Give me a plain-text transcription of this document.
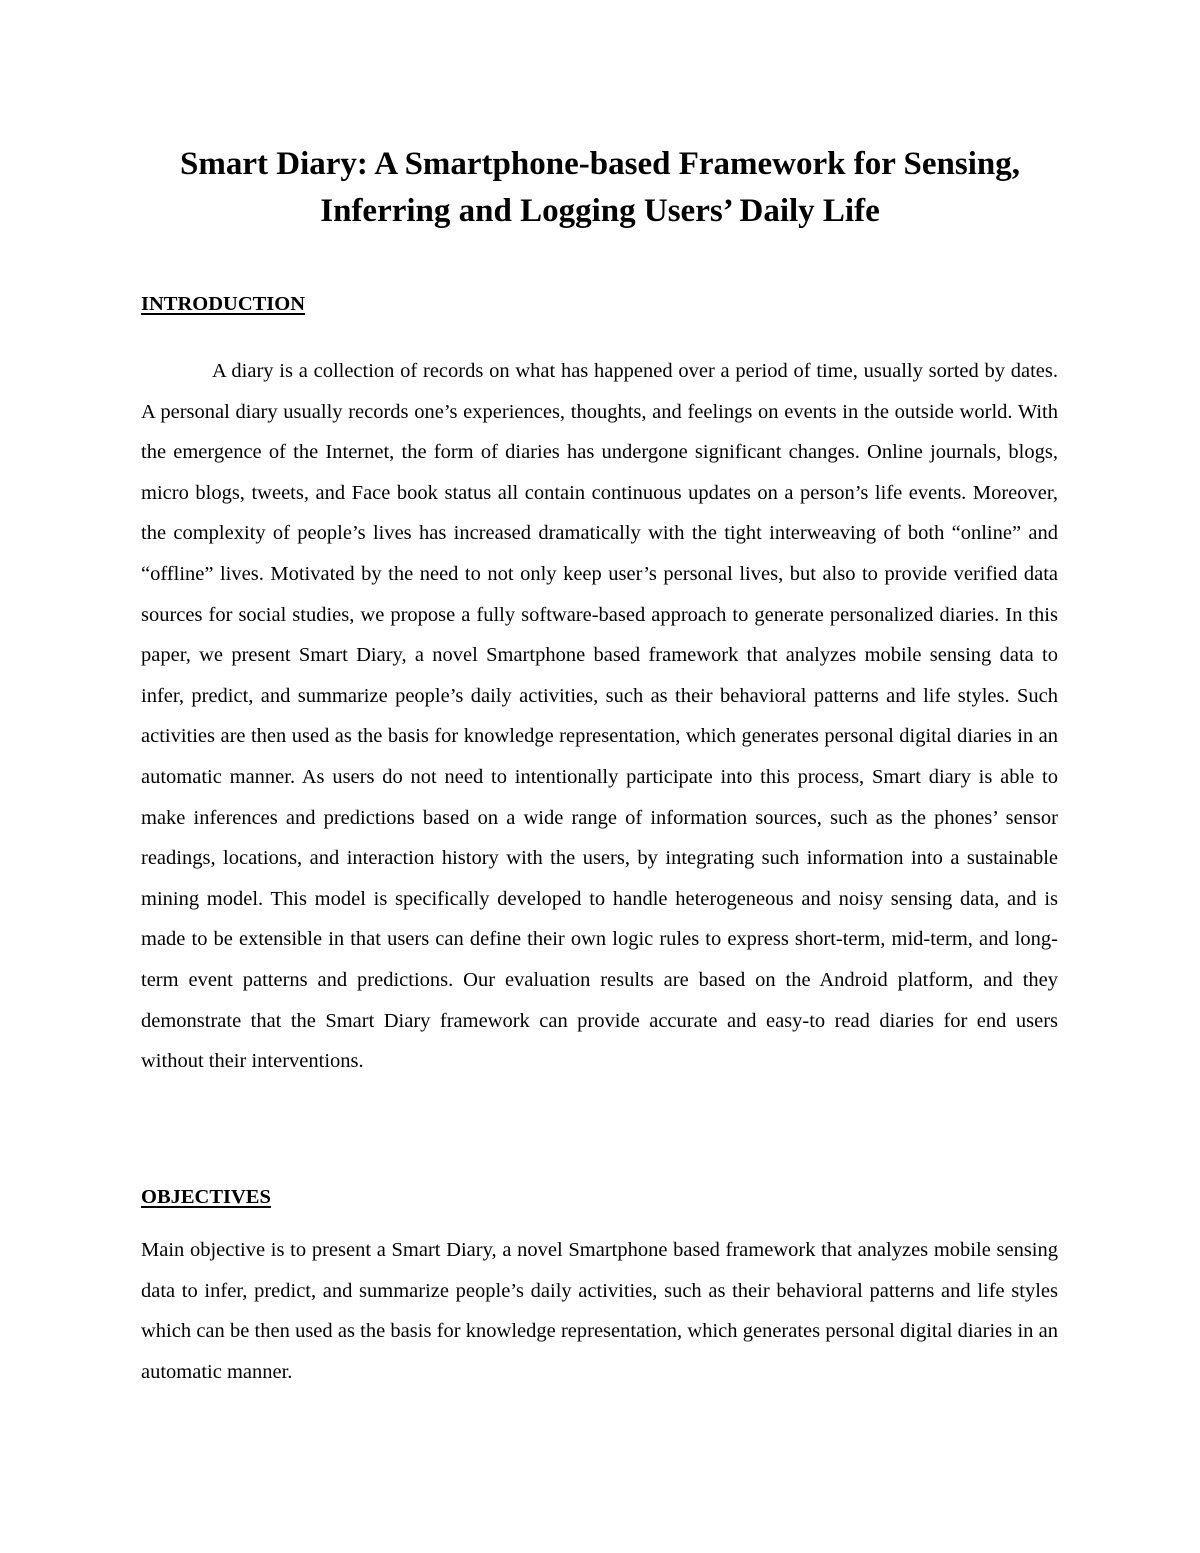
Smart Diary: A Smartphone-based Framework for Sensing,
Inferring and Logging Users’ Daily Life
INTRODUCTION

A diary is a collection of records on what has happened over a period of time, usually sorted by dates. A personal diary usually records one’s experiences, thoughts, and feelings on events in the outside world. With the emergence of the Internet, the form of diaries has undergone significant changes. Online journals, blogs, micro blogs, tweets, and Face book status all contain continuous updates on a person’s life events. Moreover, the complexity of people’s lives has increased dramatically with the tight interweaving of both “online” and “offline” lives. Motivated by the need to not only keep user’s personal lives, but also to provide verified data sources for social studies, we propose a fully software-based approach to generate personalized diaries. In this paper, we present Smart Diary, a novel Smartphone based framework that analyzes mobile sensing data to infer, predict, and summarize people’s daily activities, such as their behavioral patterns and life styles. Such activities are then used as the basis for knowledge representation, which generates personal digital diaries in an automatic manner. As users do not need to intentionally participate into this process, Smart diary is able to make inferences and predictions based on a wide range of information sources, such as the phones’ sensor readings, locations, and interaction history with the users, by integrating such information into a sustainable mining model. This model is specifically developed to handle heterogeneous and noisy sensing data, and is made to be extensible in that users can define their own logic rules to express short-term, mid-term, and long-term event patterns and predictions. Our evaluation results are based on the Android platform, and they demonstrate that the Smart Diary framework can provide accurate and easy-to read diaries for end users without their interventions.

OBJECTIVES

Main objective is to present a Smart Diary, a novel Smartphone based framework that analyzes mobile sensing data to infer, predict, and summarize people’s daily activities, such as their behavioral patterns and life styles which can be then used as the basis for knowledge representation, which generates personal digital diaries in an automatic manner.
